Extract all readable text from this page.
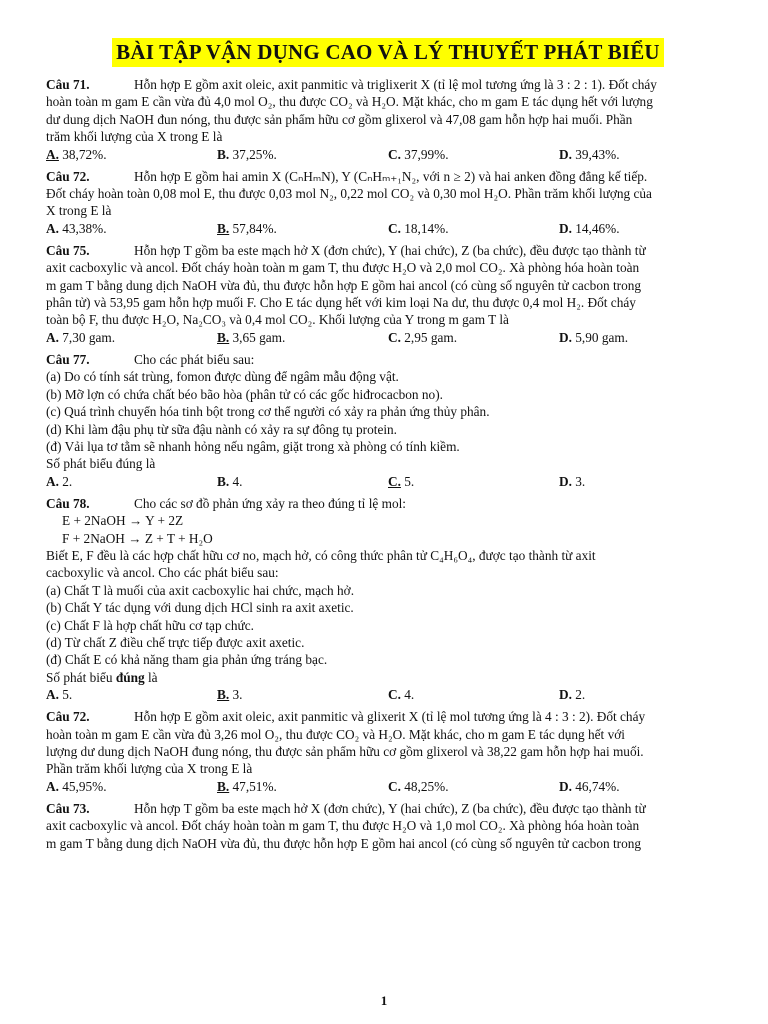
BÀI TẬP VẬN DỤNG CAO VÀ LÝ THUYẾT PHÁT BIỂU
Câu 71.	Hỗn hợp E gồm axit oleic, axit panmitic và triglixerit X (tỉ lệ mol tương ứng là 3 : 2 : 1). Đốt cháy
hoàn toàn m gam E cần vừa đủ 4,0 mol O₂, thu được CO₂ và H₂O. Mặt khác, cho m gam E tác dụng hết với lượng
dư dung dịch NaOH đun nóng, thu được sản phẩm hữu cơ gồm glixerol và 47,08 gam hỗn hợp hai muối. Phần
trăm khối lượng của X trong E là
A. 38,72%.	B. 37,25%.	C. 37,99%.	D. 39,43%.
Câu 72.	Hỗn hợp E gồm hai amin X (CₙHₘN), Y (CₙHₘ₊₁N₂, với n ≥ 2) và hai anken đồng đẳng kế tiếp.
Đốt cháy hoàn toàn 0,08 mol E, thu được 0,03 mol N₂, 0,22 mol CO₂ và 0,30 mol H₂O. Phần trăm khối lượng của
X trong E là
A. 43,38%.	B. 57,84%.	C. 18,14%.	D. 14,46%.
Câu 75.	Hỗn hợp T gồm ba este mạch hở X (đơn chức), Y (hai chức), Z (ba chức), đều được tạo thành từ
axit cacboxylic và ancol. Đốt cháy hoàn toàn m gam T, thu được H₂O và 2,0 mol CO₂. Xà phòng hóa hoàn toàn
m gam T bằng dung dịch NaOH vừa đủ, thu được hỗn hợp E gồm hai ancol (có cùng số nguyên tử cacbon trong
phân tử) và 53,95 gam hỗn hợp muối F. Cho E tác dụng hết với kim loại Na dư, thu được 0,4 mol H₂. Đốt cháy
toàn bộ F, thu được H₂O, Na₂CO₃ và 0,4 mol CO₂. Khối lượng của Y trong m gam T là
A. 7,30 gam.	B. 3,65 gam.	C. 2,95 gam.	D. 5,90 gam.
Câu 77.	Cho các phát biểu sau:
(a) Do có tính sát trùng, fomon được dùng để ngâm mẫu động vật.
(b) Mỡ lợn có chứa chất béo bão hòa (phân tử có các gốc hiđrocacbon no).
(c) Quá trình chuyển hóa tinh bột trong cơ thể người có xảy ra phản ứng thủy phân.
(d) Khi làm đậu phụ từ sữa đậu nành có xảy ra sự đông tụ protein.
(đ) Vải lụa tơ tằm sẽ nhanh hỏng nếu ngâm, giặt trong xà phòng có tính kiềm.
Số phát biểu đúng là
A. 2.	B. 4.	C. 5.	D. 3.
Câu 78.	Cho các sơ đồ phản ứng xảy ra theo đúng tỉ lệ mol:
E + 2NaOH → Y + 2Z
F + 2NaOH → Z + T + H₂O
Biết E, F đều là các hợp chất hữu cơ no, mạch hở, có công thức phân tử C₄H₆O₄, được tạo thành từ axit
cacboxylic và ancol. Cho các phát biểu sau:
(a) Chất T là muối của axit cacboxylic hai chức, mạch hở.
(b) Chất Y tác dụng với dung dịch HCl sinh ra axit axetic.
(c) Chất F là hợp chất hữu cơ tạp chức.
(d) Từ chất Z điều chế trực tiếp được axit axetic.
(đ) Chất E có khả năng tham gia phản ứng tráng bạc.
Số phát biểu đúng là
A. 5.	B. 3.	C. 4.	D. 2.
Câu 72.	Hỗn hợp E gồm axit oleic, axit panmitic và glixerit X (tỉ lệ mol tương ứng là 4 : 3 : 2). Đốt cháy
hoàn toàn m gam E cần vừa đủ 3,26 mol O₂, thu được CO₂ và H₂O. Mặt khác, cho m gam E tác dụng hết với
lượng dư dung dịch NaOH đung nóng, thu được sản phẩm hữu cơ gồm glixerol và 38,22 gam hỗn hợp hai muối.
Phần trăm khối lượng của X trong E là
A. 45,95%.	B. 47,51%.	C. 48,25%.	D. 46,74%.
Câu 73.	Hỗn hợp T gồm ba este mạch hở X (đơn chức), Y (hai chức), Z (ba chức), đều được tạo thành từ
axit cacboxylic và ancol. Đốt cháy hoàn toàn m gam T, thu được H₂O và 1,0 mol CO₂. Xà phòng hóa hoàn toàn
m gam T bằng dung dịch NaOH vừa đủ, thu được hỗn hợp E gồm hai ancol (có cùng số nguyên tử cacbon trong
1
